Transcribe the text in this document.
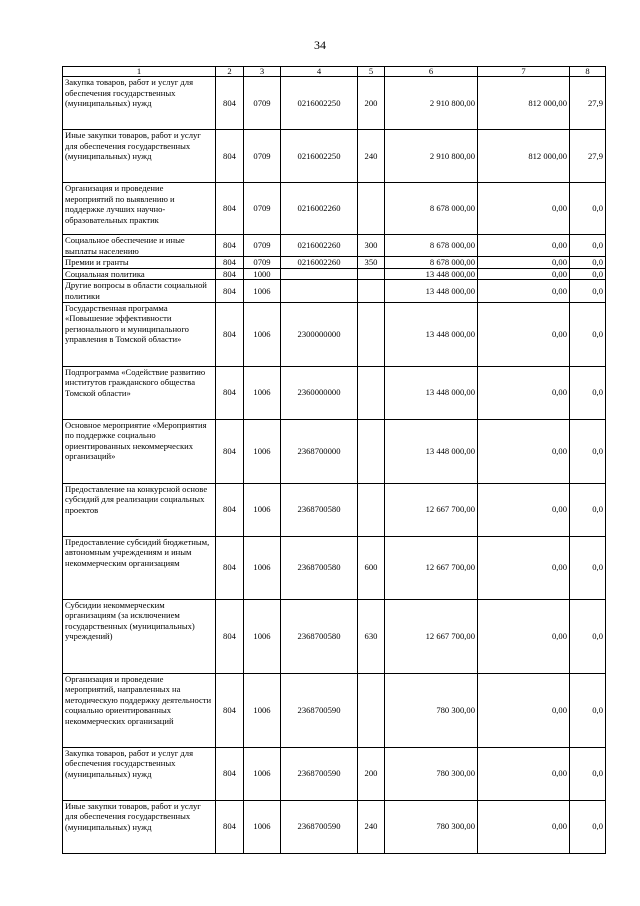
34
1	2	3	4	5	6	7	8
Закупка товаров, работ и услуг для обеспечения государственных (муниципальных) нужд	804	0709	0216002250	200	2 910 800,00	812 000,00	27,9
Иные закупки товаров, работ и услуг для обеспечения государственных (муниципальных) нужд	804	0709	0216002250	240	2 910 800,00	812 000,00	27,9
Организация и проведение мероприятий по выявлению и поддержке лучших научно-образовательных практик	804	0709	0216002260		8 678 000,00	0,00	0,0
Социальное обеспечение и иные выплаты населению	804	0709	0216002260	300	8 678 000,00	0,00	0,0
Премии и гранты	804	0709	0216002260	350	8 678 000,00	0,00	0,0
Социальная политика	804	1000			13 448 000,00	0,00	0,0
Другие вопросы в области социальной политики	804	1006			13 448 000,00	0,00	0,0
Государственная программа «Повышение эффективности регионального и муниципального управления в Томской области»	804	1006	2300000000		13 448 000,00	0,00	0,0
Подпрограмма «Содействие развитию институтов гражданского общества Томской области»	804	1006	2360000000		13 448 000,00	0,00	0,0
Основное мероприятие «Мероприятия по поддержке социально ориентированных некоммерческих организаций»	804	1006	2368700000		13 448 000,00	0,00	0,0
Предоставление на конкурсной основе субсидий для реализации социальных проектов	804	1006	2368700580		12 667 700,00	0,00	0,0
Предоставление субсидий бюджетным, автономным учреждениям и иным некоммерческим организациям	804	1006	2368700580	600	12 667 700,00	0,00	0,0
Субсидии некоммерческим организациям (за исключением государственных (муниципальных) учреждений)	804	1006	2368700580	630	12 667 700,00	0,00	0,0
Организация и проведение мероприятий, направленных на методическую поддержку деятельности социально ориентированных некоммерческих организаций	804	1006	2368700590		780 300,00	0,00	0,0
Закупка товаров, работ и услуг для обеспечения государственных (муниципальных) нужд	804	1006	2368700590	200	780 300,00	0,00	0,0
Иные закупки товаров, работ и услуг для обеспечения государственных (муниципальных) нужд	804	1006	2368700590	240	780 300,00	0,00	0,0
